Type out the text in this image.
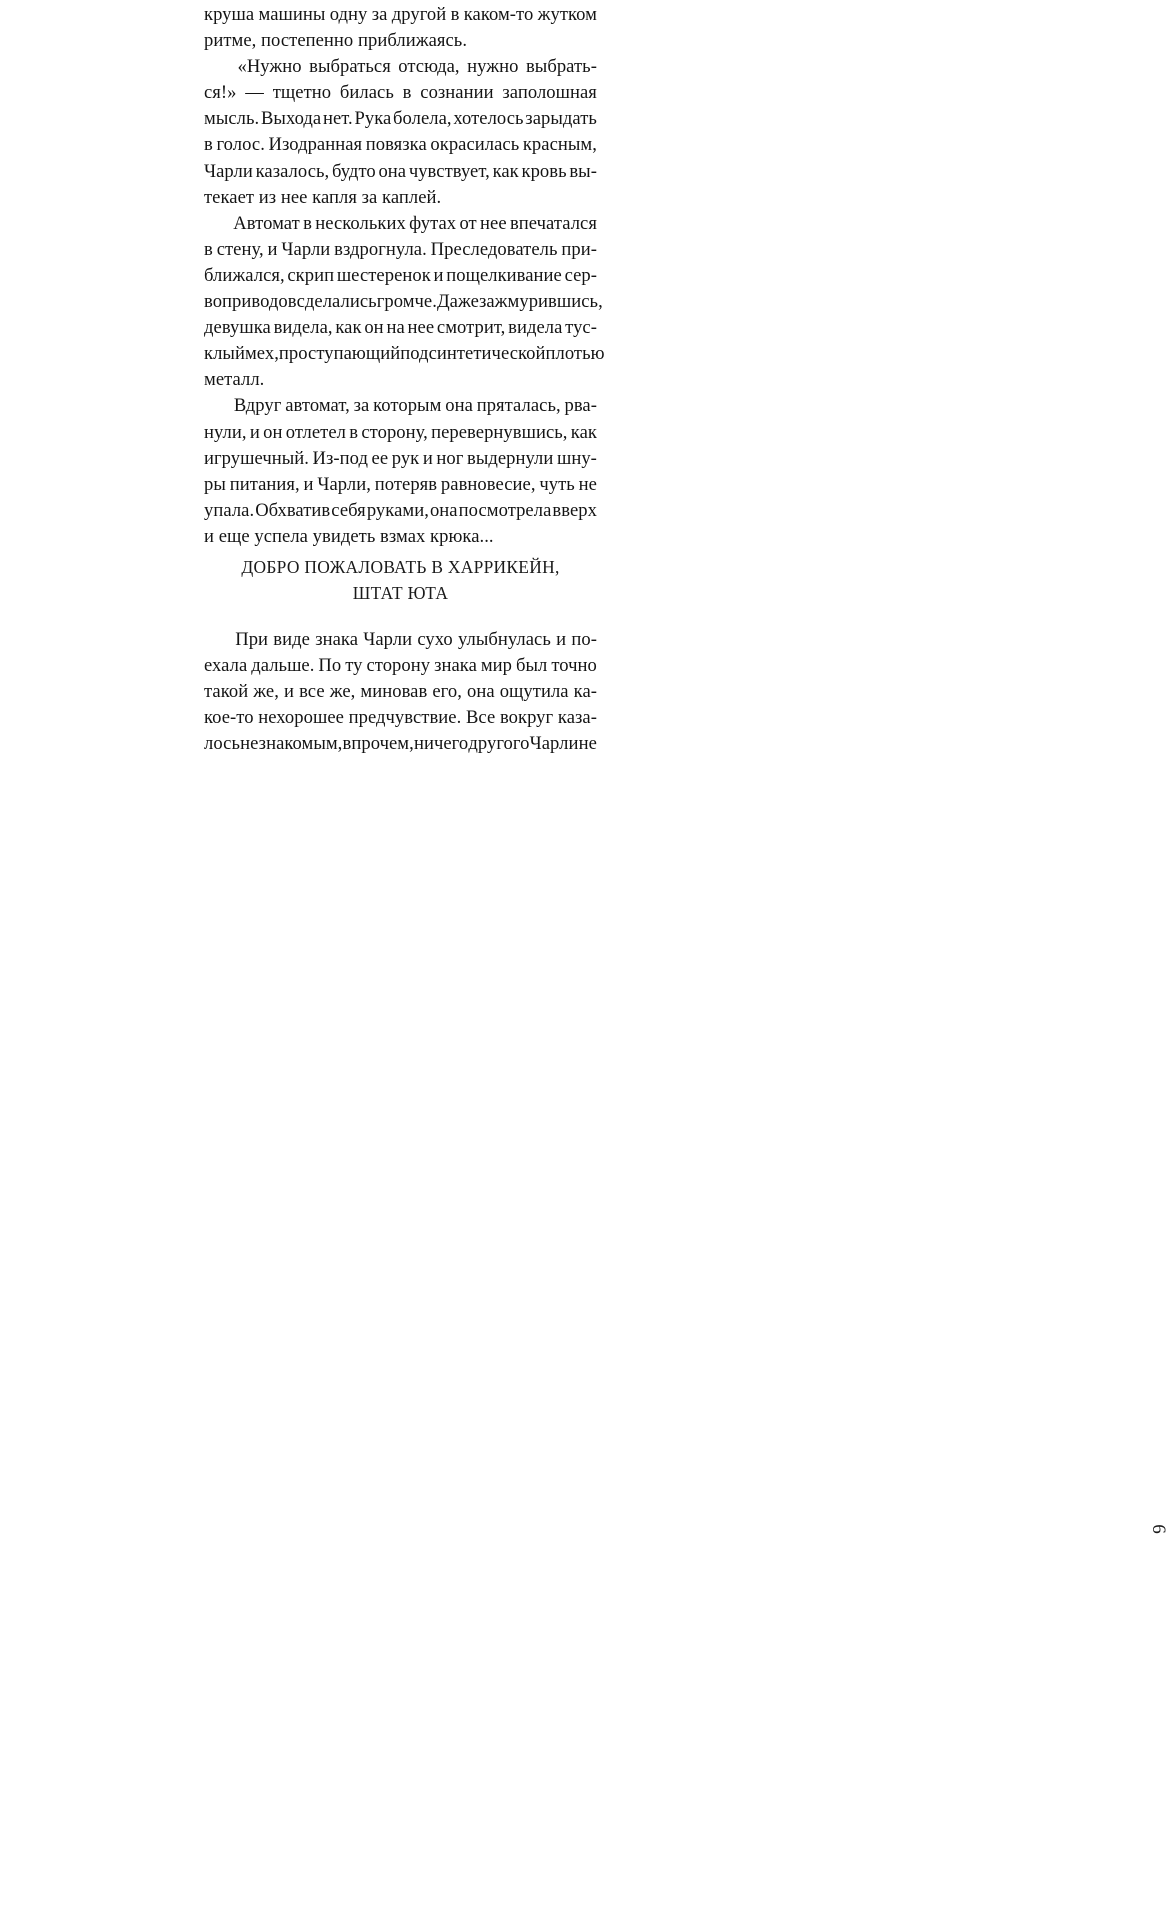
круша машины одну за другой в каком-то жутком
ритме, постепенно приближаясь.
«Нужно выбраться отсюда, нужно выбрать-
ся!» — тщетно билась в сознании заполошная
мысль. Выхода нет. Рука болела, хотелось зарыдать
в голос. Изодранная повязка окрасилась красным,
Чарли казалось, будто она чувствует, как кровь вы-
текает из нее капля за каплей.
Автомат в нескольких футах от нее впечатался
в стену, и Чарли вздрогнула. Преследователь при-
ближался, скрип шестеренок и пощелкивание сер-
воприводов сделались громче. Даже зажмурившись,
девушка видела, как он на нее смотрит, видела тус-
клый мех, проступающий под синтетической плотью
металл.
Вдруг автомат, за которым она пряталась, рва-
нули, и он отлетел в сторону, перевернувшись, как
игрушечный. Из-под ее рук и ног выдернули шну-
ры питания, и Чарли, потеряв равновесие, чуть не
упала. Обхватив себя руками, она посмотрела вверх
и еще успела увидеть взмах крюка...
При виде знака Чарли сухо улыбнулась и по-
ехала дальше. По ту сторону знака мир был точно
такой же, и все же, миновав его, она ощутила ка-
кое-то нехорошее предчувствие. Все вокруг каза-
лось незнакомым, впрочем, ничего другого Чарли не
ДОБРО ПОЖАЛОВАТЬ В ХАРРИКЕЙН,
ШТАТ ЮТА
6
